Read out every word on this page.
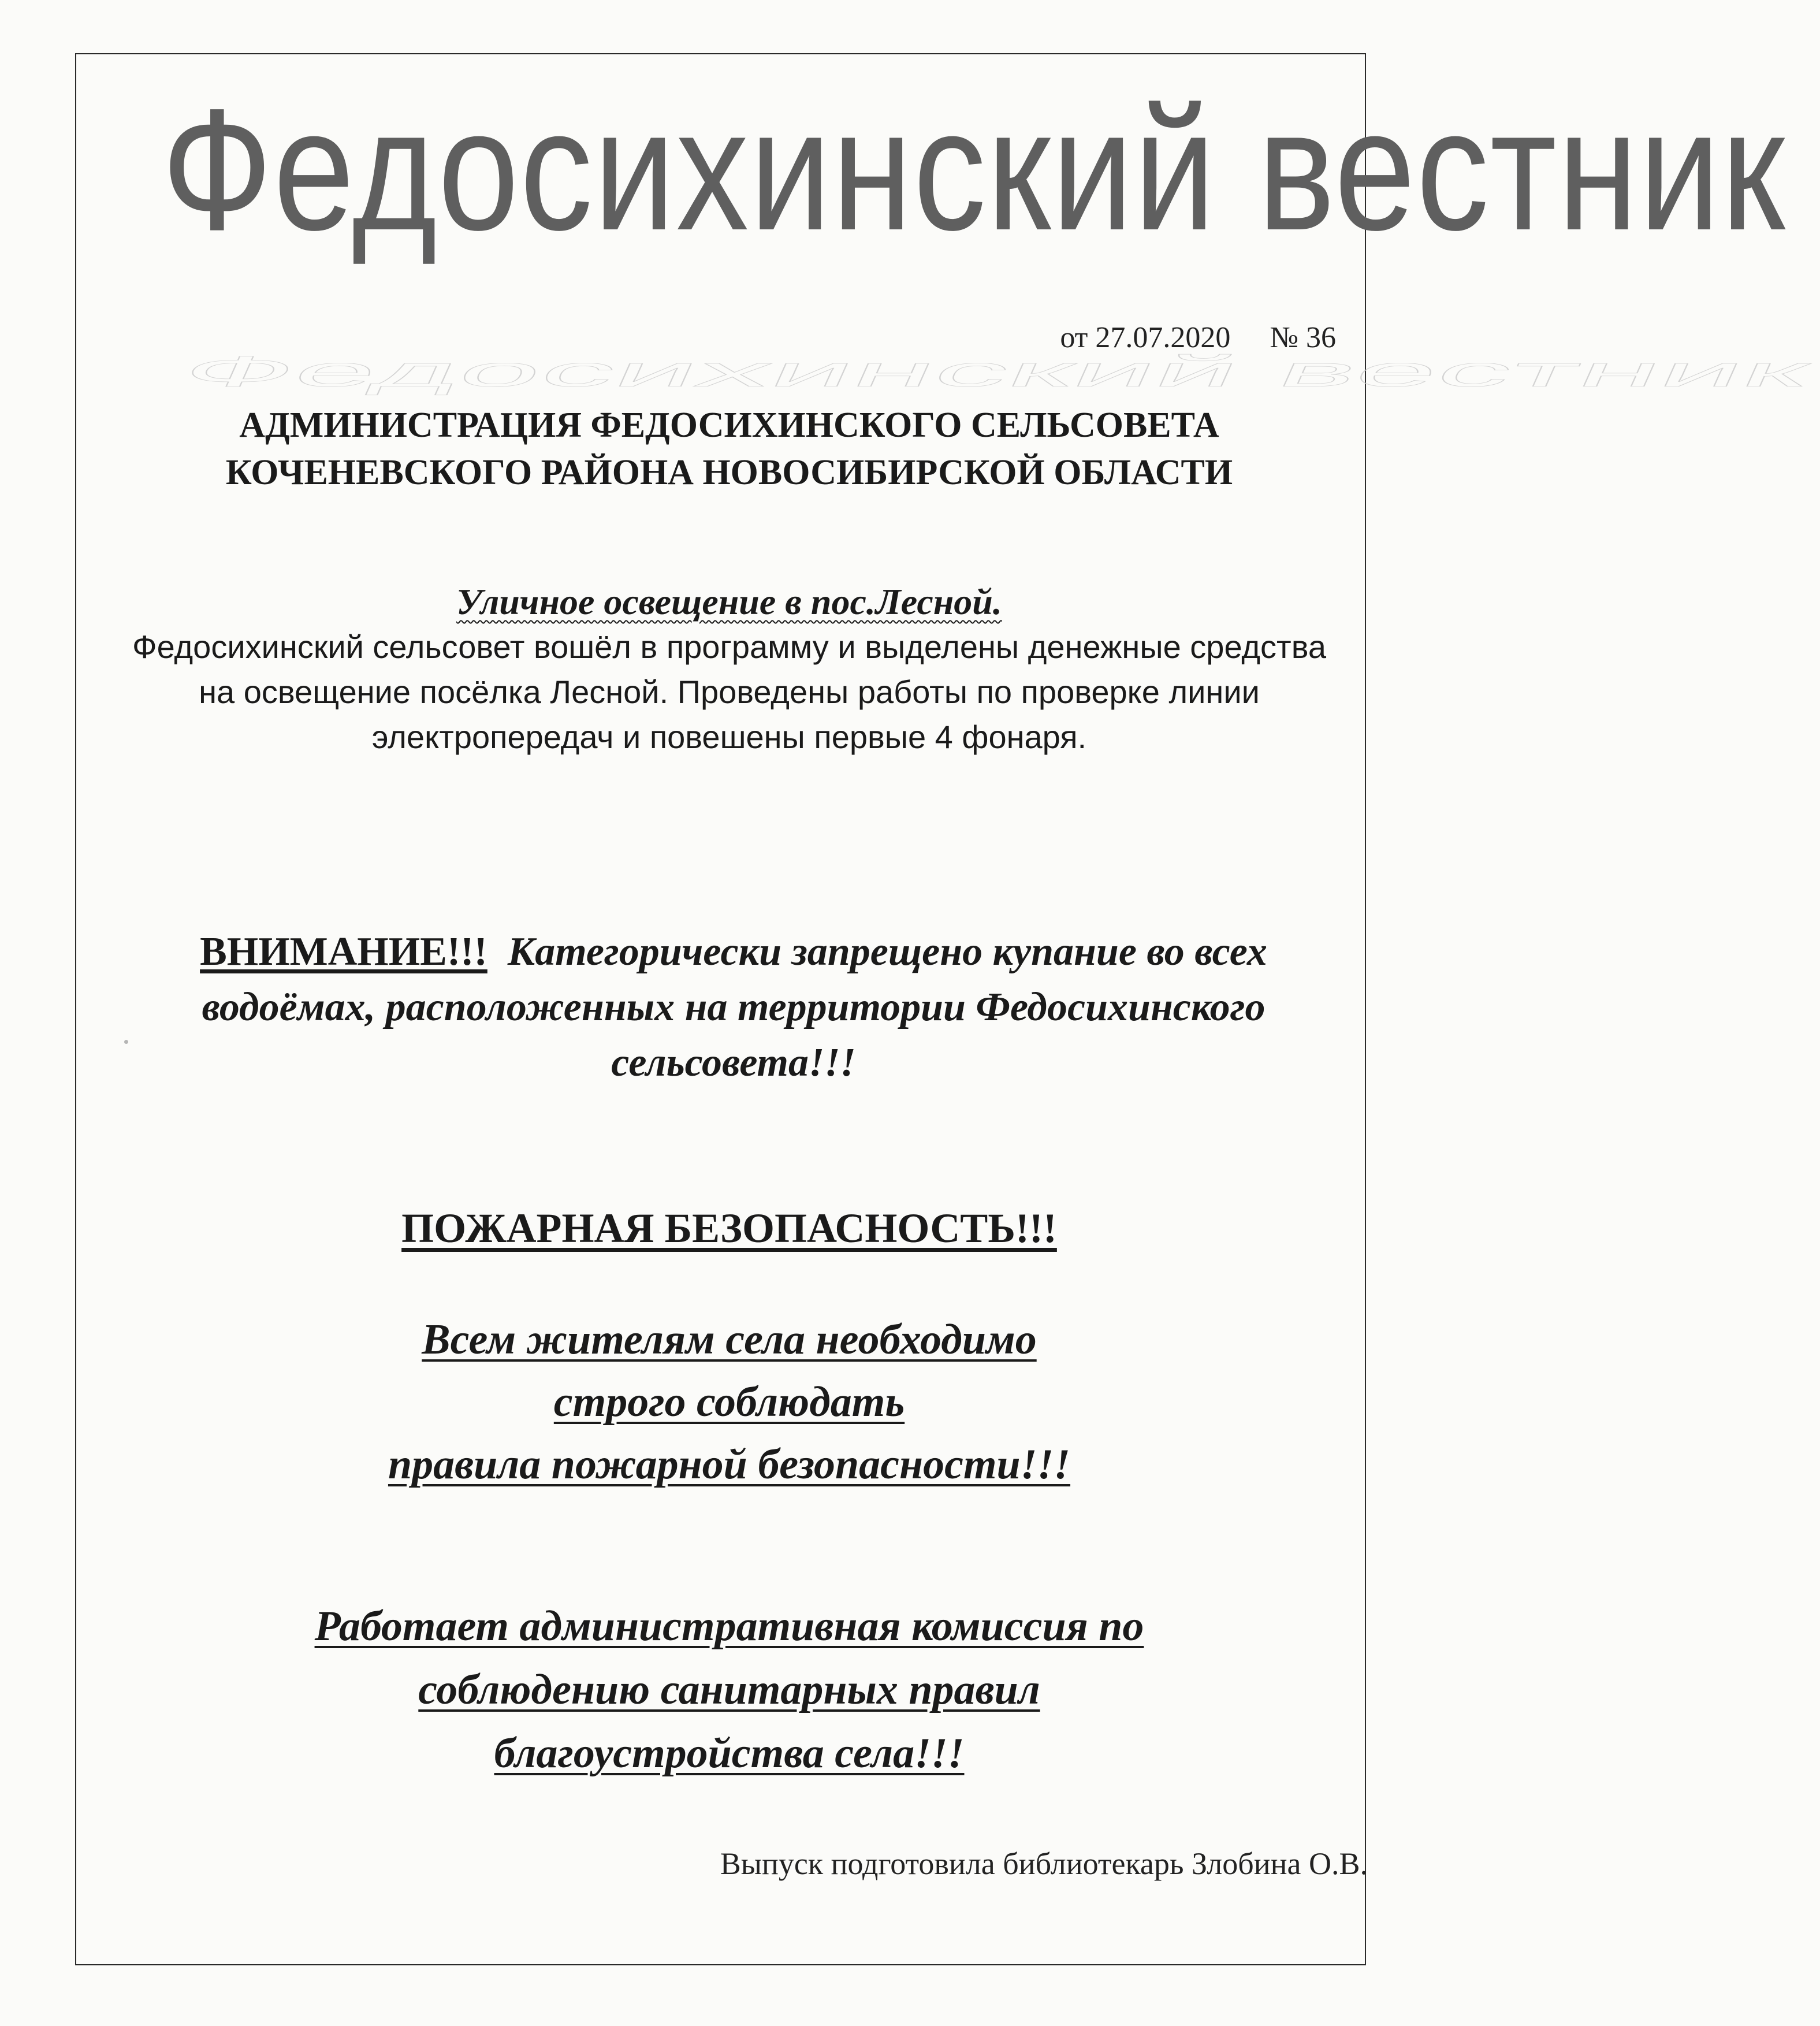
Федосихинский вестник
Федосихинский вестник
от 27.07.2020 № 36
АДМИНИСТРАЦИЯ ФЕДОСИХИНСКОГО СЕЛЬСОВЕТА
КОЧЕНЕВСКОГО РАЙОНА НОВОСИБИРСКОЙ ОБЛАСТИ
Уличное освещение в пос.Лесной.
Федосихинский сельсовет вошёл в программу и выделены денежные средства на освещение посёлка Лесной. Проведены работы по проверке линии электропередач и повешены первые 4 фонаря.
ВНИМАНИЕ!!! Категорически запрещено купание во всех водоёмах, расположенных на территории Федосихинского сельсовета!!!
ПОЖАРНАЯ БЕЗОПАСНОСТЬ!!!
Всем жителям села необходимо
строго соблюдать
правила пожарной безопасности!!!
Работает административная комиссия по
соблюдению санитарных правил
благоустройства села!!!
Выпуск подготовила библиотекарь Злобина О.В.
